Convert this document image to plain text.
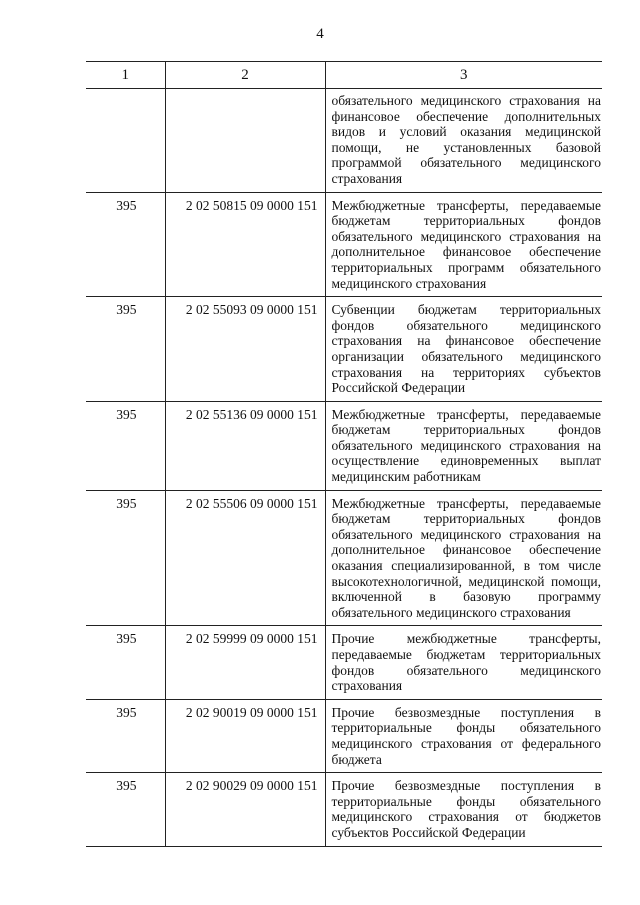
4
1	2	3
		обязательного медицинского страхования на финансовое обеспечение дополнительных видов и условий оказания медицинской помощи, не установленных базовой программой обязательного медицинского страхования
395	2 02 50815 09 0000 151	Межбюджетные трансферты, передаваемые бюджетам территориальных фондов обязательного медицинского страхования на дополнительное финансовое обеспечение территориальных программ обязательного медицинского страхования
395	2 02 55093 09 0000 151	Субвенции бюджетам территориальных фондов обязательного медицинского страхования на финансовое обеспечение организации обязательного медицинского страхования на территориях субъектов Российской Федерации
395	2 02 55136 09 0000 151	Межбюджетные трансферты, передаваемые бюджетам территориальных фондов обязательного медицинского страхования на осуществление единовременных выплат медицинским работникам
395	2 02 55506 09 0000 151	Межбюджетные трансферты, передаваемые бюджетам территориальных фондов обязательного медицинского страхования на дополнительное финансовое обеспечение оказания специализированной, в том числе высокотехнологичной, медицинской помощи, включенной в базовую программу обязательного медицинского страхования
395	2 02 59999 09 0000 151	Прочие межбюджетные трансферты, передаваемые бюджетам территориальных фондов обязательного медицинского страхования
395	2 02 90019 09 0000 151	Прочие безвозмездные поступления в территориальные фонды обязательного медицинского страхования от федерального бюджета
395	2 02 90029 09 0000 151	Прочие безвозмездные поступления в территориальные фонды обязательного медицинского страхования от бюджетов субъектов Российской Федерации
